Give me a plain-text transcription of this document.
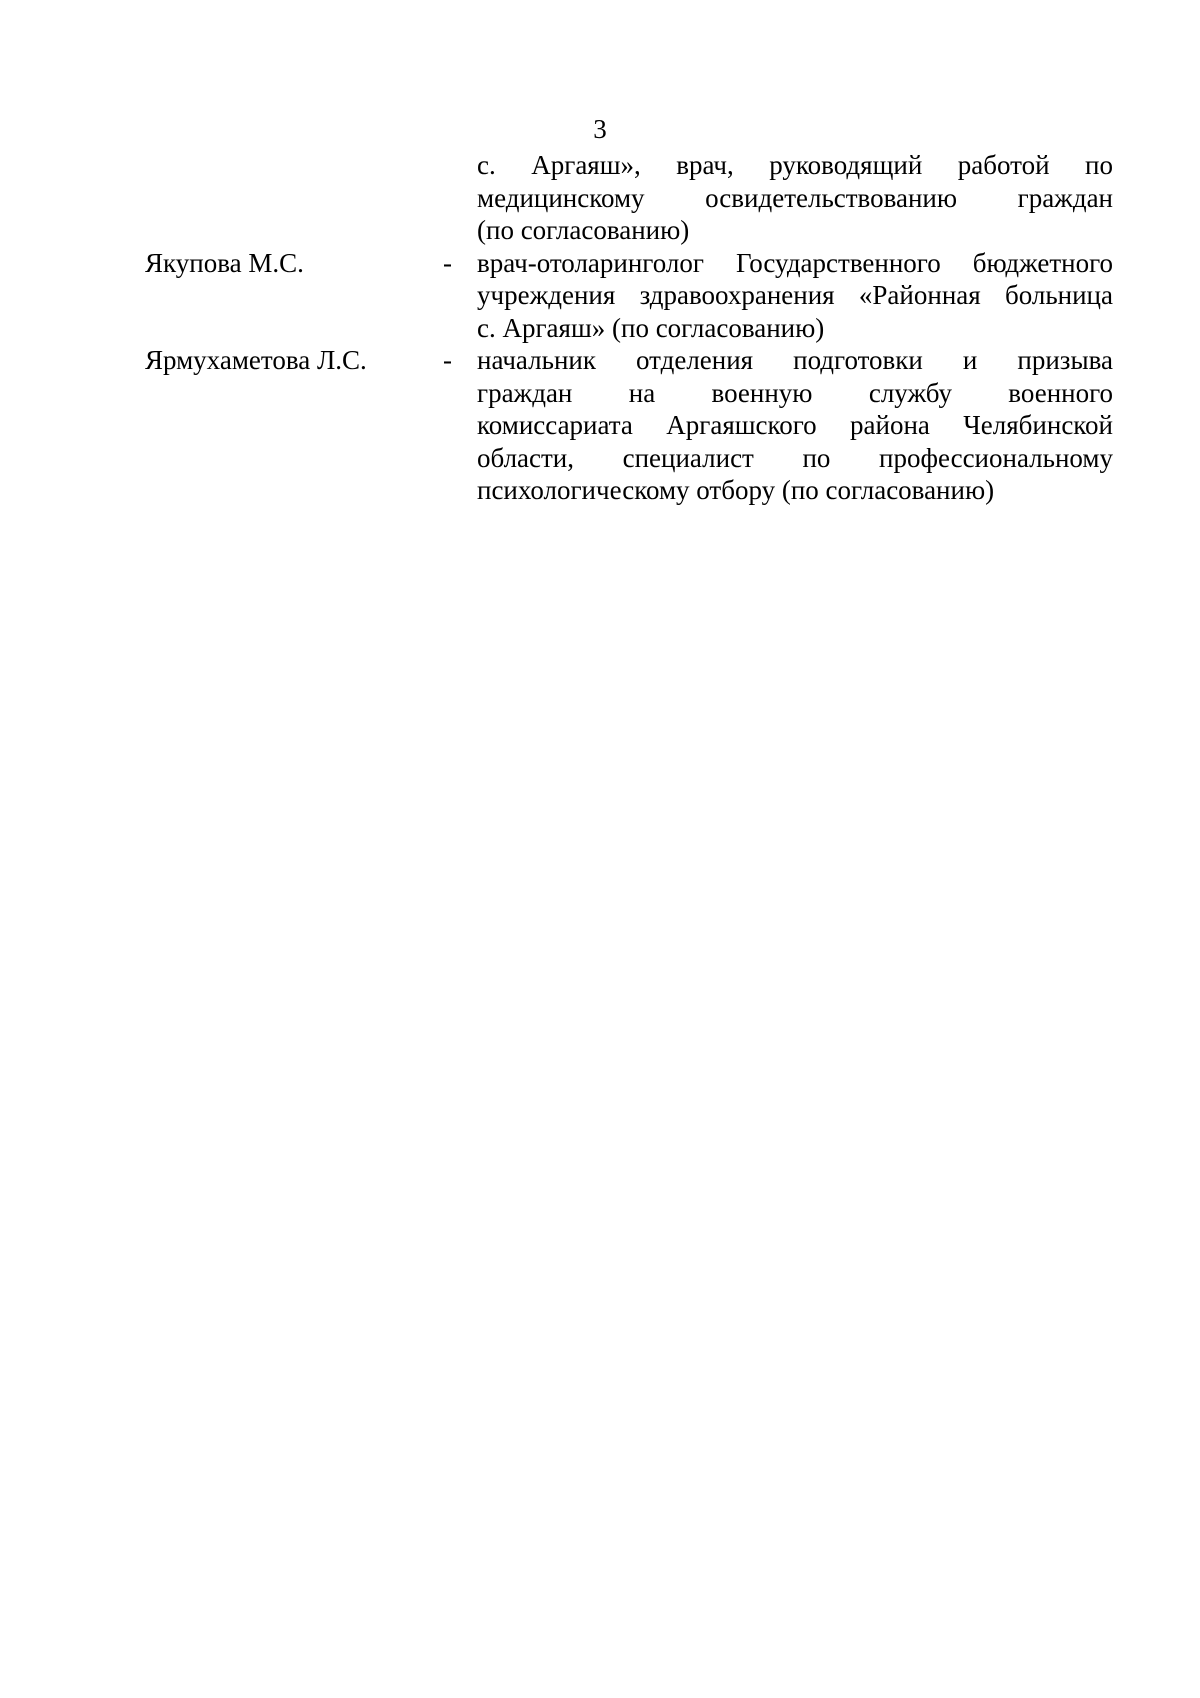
3
с. Аргаяш», врач, руководящий работой по
медицинскому освидетельствованию граждан
(по согласованию)
Якупова М.С.	- врач-отоларинголог Государственного бюджетного
учреждения здравоохранения «Районная больница
с. Аргаяш» (по согласованию)
Ярмухаметова Л.С.	- начальник отделения подготовки и призыва
граждан на военную службу военного
комиссариата Аргаяшского района Челябинской
области, специалист по профессиональному
психологическому отбору (по согласованию)
